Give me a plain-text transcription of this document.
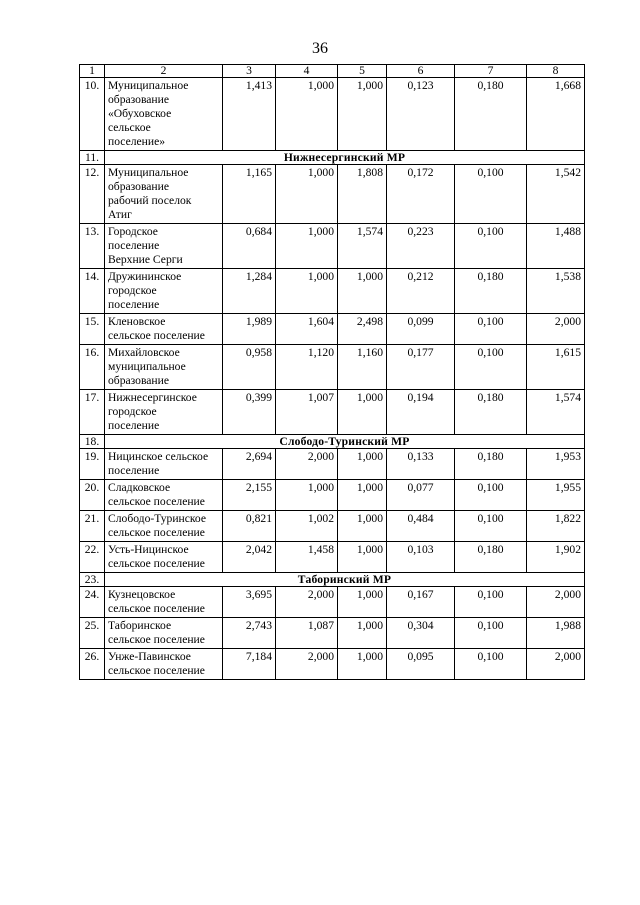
36
1	2	3	4	5	6	7	8
10.	Муниципальное
образование
«Обуховское
сельское
поселение»	1,413	1,000	1,000	0,123	0,180	1,668
11.	Нижнесергинский МР						
12.	Муниципальное
образование
рабочий поселок
Атиг	1,165	1,000	1,808	0,172	0,100	1,542
13.	Городское
поселение
Верхние Серги	0,684	1,000	1,574	0,223	0,100	1,488
14.	Дружининское
городское
поселение	1,284	1,000	1,000	0,212	0,180	1,538
15.	Кленовское
сельское поселение	1,989	1,604	2,498	0,099	0,100	2,000
16.	Михайловское
муниципальное
образование	0,958	1,120	1,160	0,177	0,100	1,615
17.	Нижнесергинское
городское
поселение	0,399	1,007	1,000	0,194	0,180	1,574
18.	Слободо-Туринский МР						
19.	Ницинское сельское
поселение	2,694	2,000	1,000	0,133	0,180	1,953
20.	Сладковское
сельское поселение	2,155	1,000	1,000	0,077	0,100	1,955
21.	Слободо-Туринское
сельское поселение	0,821	1,002	1,000	0,484	0,100	1,822
22.	Усть-Ницинское
сельское поселение	2,042	1,458	1,000	0,103	0,180	1,902
23.	Таборинский МР						
24.	Кузнецовское
сельское поселение	3,695	2,000	1,000	0,167	0,100	2,000
25.	Таборинское
сельское поселение	2,743	1,087	1,000	0,304	0,100	1,988
26.	Унже-Павинское
сельское поселение	7,184	2,000	1,000	0,095	0,100	2,000
